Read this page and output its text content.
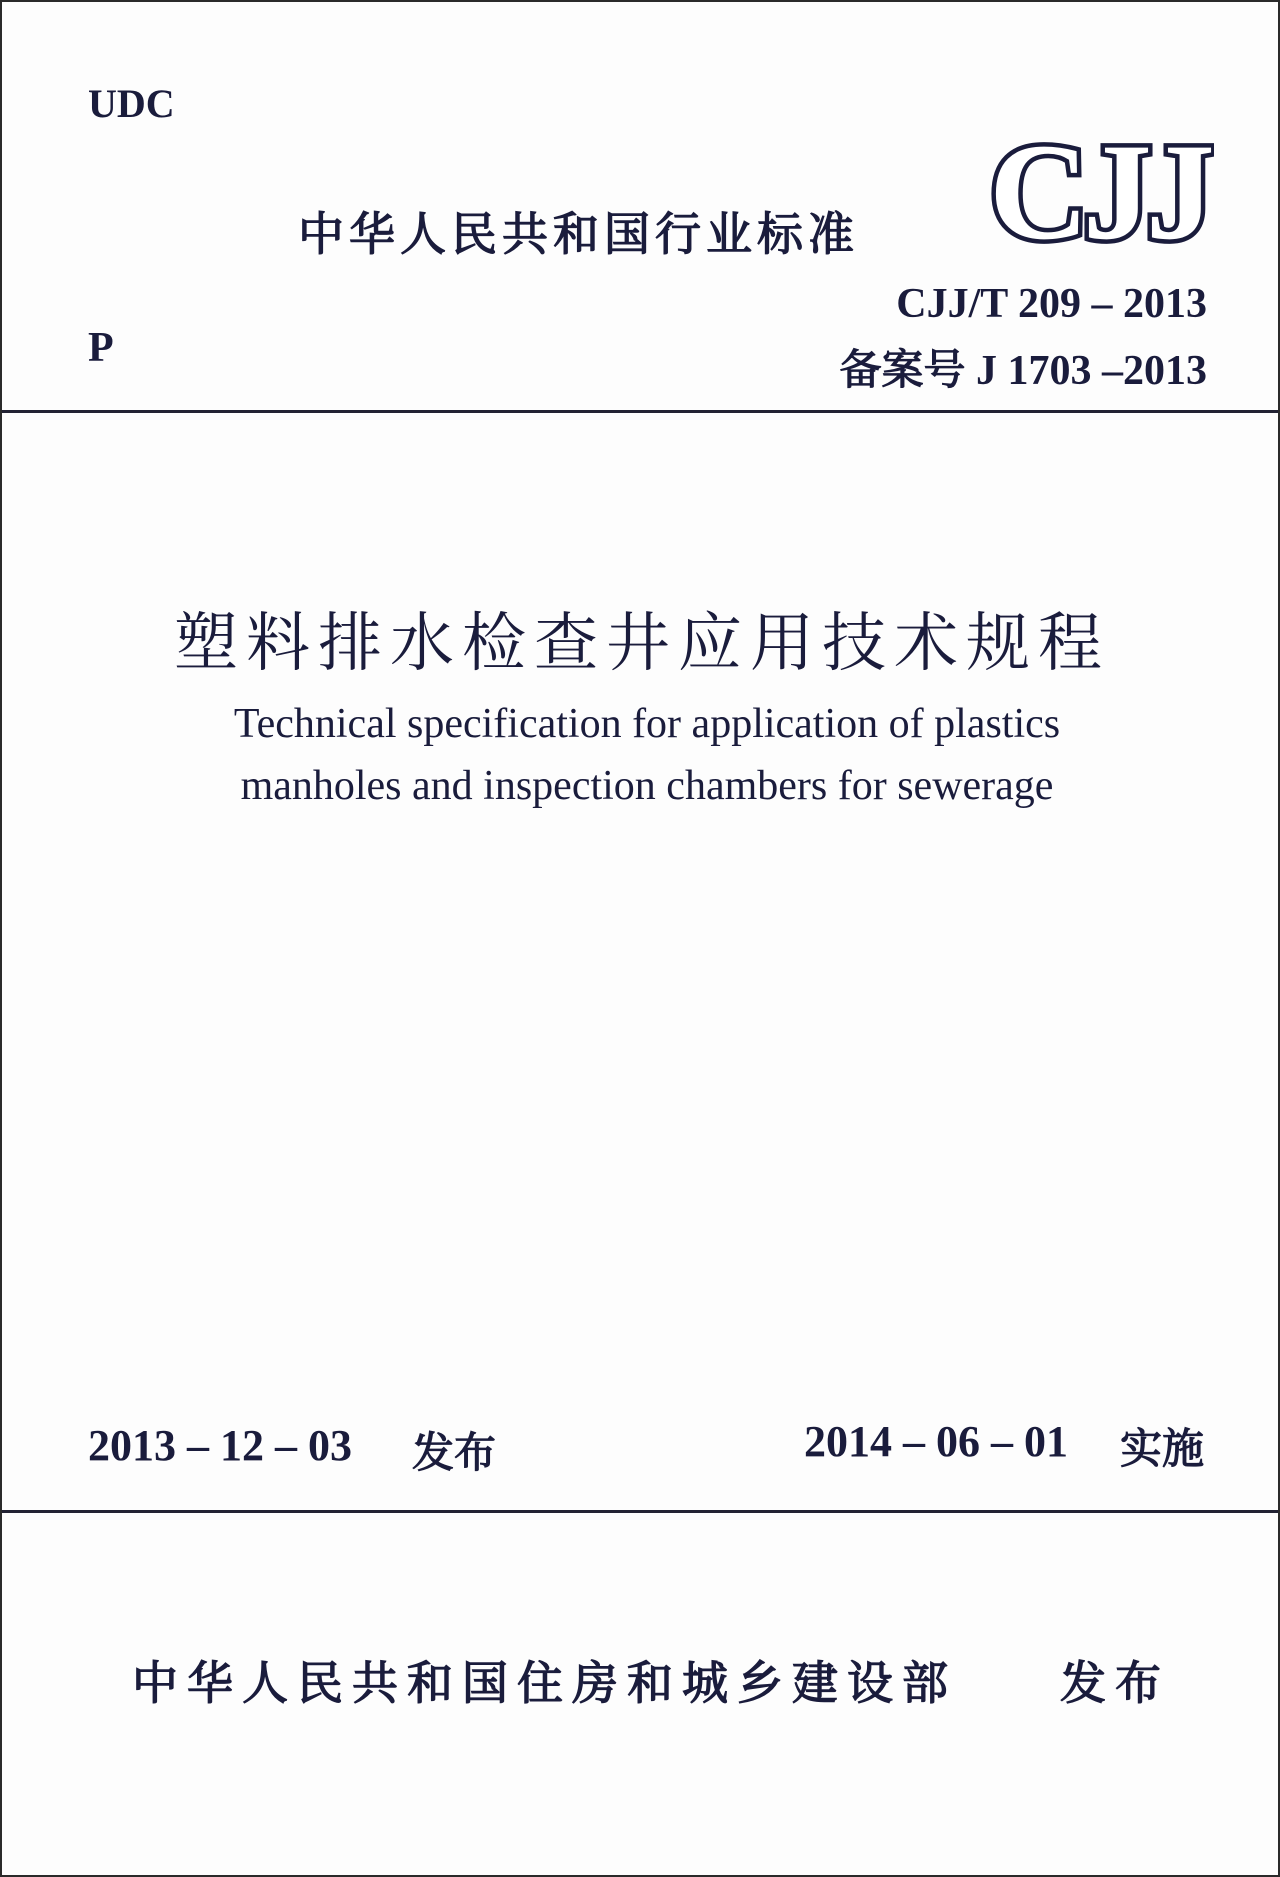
UDC
中华人民共和国行业标准 CJJ
CJJ/T 209 – 2013
P	备案号 J 1703 –2013
塑料排水检查井应用技术规程
Technical specification for application of plastics
manholes and inspection chambers for sewerage
2013 – 12 – 03 发布	2014 – 06 – 01 实施
中华人民共和国住房和城乡建设部 发布
